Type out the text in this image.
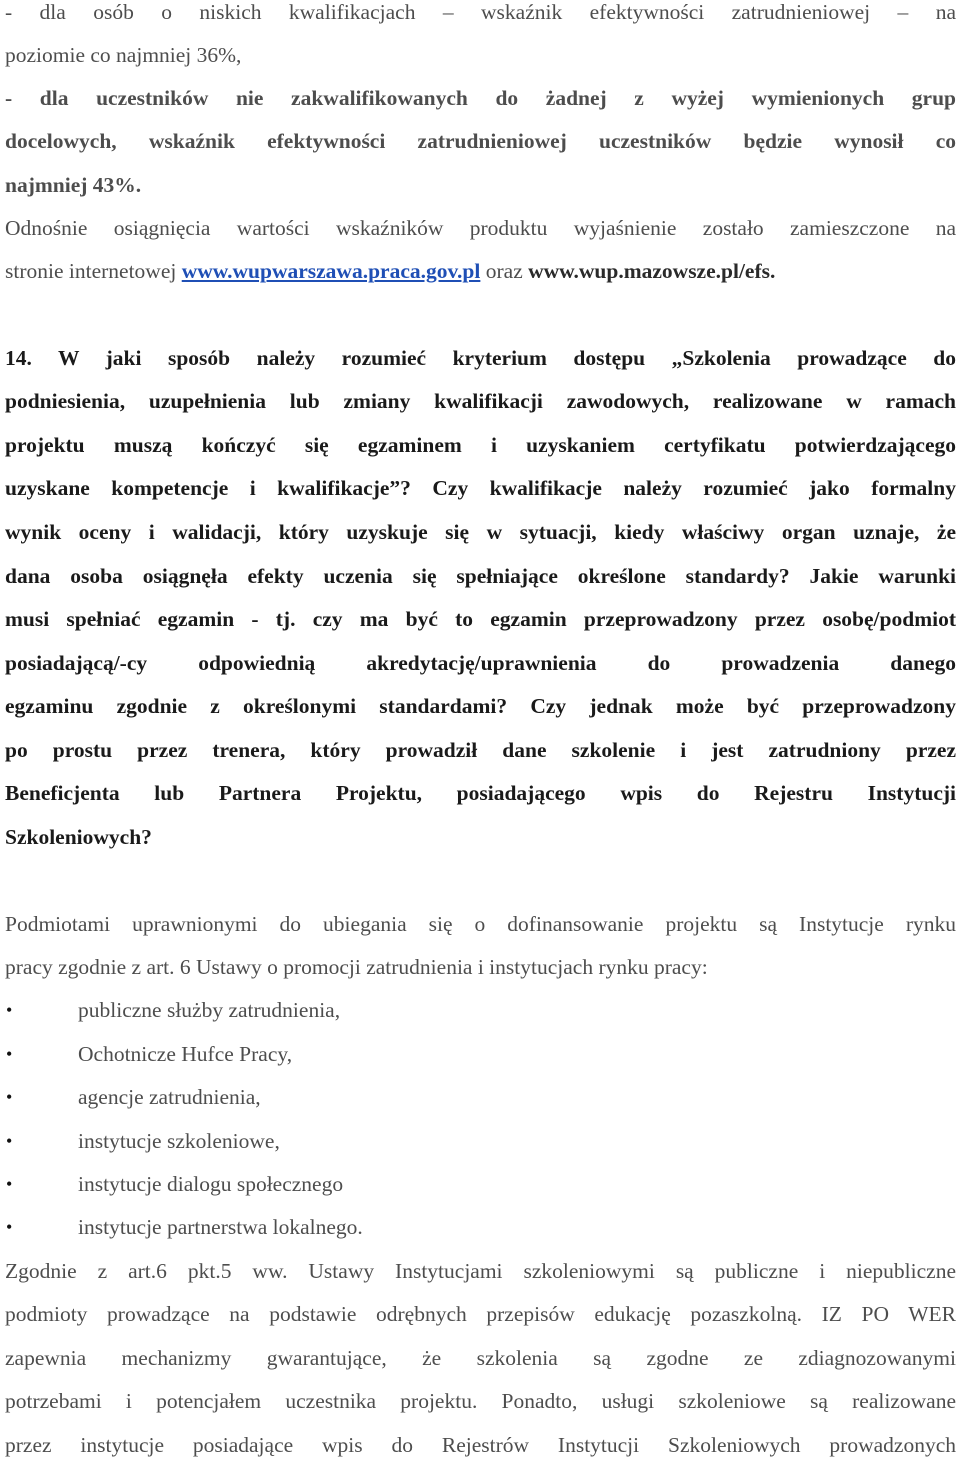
- dla osób o niskich kwalifikacjach – wskaźnik efektywności zatrudnieniowej – na
poziomie co najmniej 36%,
- dla uczestników nie zakwalifikowanych do żadnej z wyżej wymienionych grup
docelowych, wskaźnik efektywności zatrudnieniowej uczestników będzie wynosił co
najmniej 43%.
Odnośnie osiągnięcia wartości wskaźników produktu wyjaśnienie zostało zamieszczone na
stronie internetowej www.wupwarszawa.praca.gov.pl oraz www.wup.mazowsze.pl/efs.
14. W jaki sposób należy rozumieć kryterium dostępu „Szkolenia prowadzące do
podniesienia, uzupełnienia lub zmiany kwalifikacji zawodowych, realizowane w ramach
projektu muszą kończyć się egzaminem i uzyskaniem certyfikatu potwierdzającego
uzyskane kompetencje i kwalifikacje”? Czy kwalifikacje należy rozumieć jako formalny
wynik oceny i walidacji, który uzyskuje się w sytuacji, kiedy właściwy organ uznaje, że
dana osoba osiągnęła efekty uczenia się spełniające określone standardy? Jakie warunki
musi spełniać egzamin - tj. czy ma być to egzamin przeprowadzony przez osobę/podmiot
posiadającą/-cy odpowiednią akredytację/uprawnienia do prowadzenia danego
egzaminu zgodnie z określonymi standardami? Czy jednak może być przeprowadzony
po prostu przez trenera, który prowadził dane szkolenie i jest zatrudniony przez
Beneficjenta lub Partnera Projektu, posiadającego wpis do Rejestru Instytucji
Szkoleniowych?
Podmiotami uprawnionymi do ubiegania się o dofinansowanie projektu są Instytucje rynku
pracy zgodnie z art. 6 Ustawy o promocji zatrudnienia i instytucjach rynku pracy:
•	publiczne służby zatrudnienia,
•	Ochotnicze Hufce Pracy,
•	agencje zatrudnienia,
•	instytucje szkoleniowe,
•	instytucje dialogu społecznego
•	instytucje partnerstwa lokalnego.
Zgodnie z art.6 pkt.5 ww. Ustawy Instytucjami szkoleniowymi są publiczne i niepubliczne
podmioty prowadzące na podstawie odrębnych przepisów edukację pozaszkolną. IZ PO WER
zapewnia mechanizmy gwarantujące, że szkolenia są zgodne ze zdiagnozowanymi
potrzebami i potencjałem uczestnika projektu. Ponadto, usługi szkoleniowe są realizowane
przez instytucje posiadające wpis do Rejestrów Instytucji Szkoleniowych prowadzonych
